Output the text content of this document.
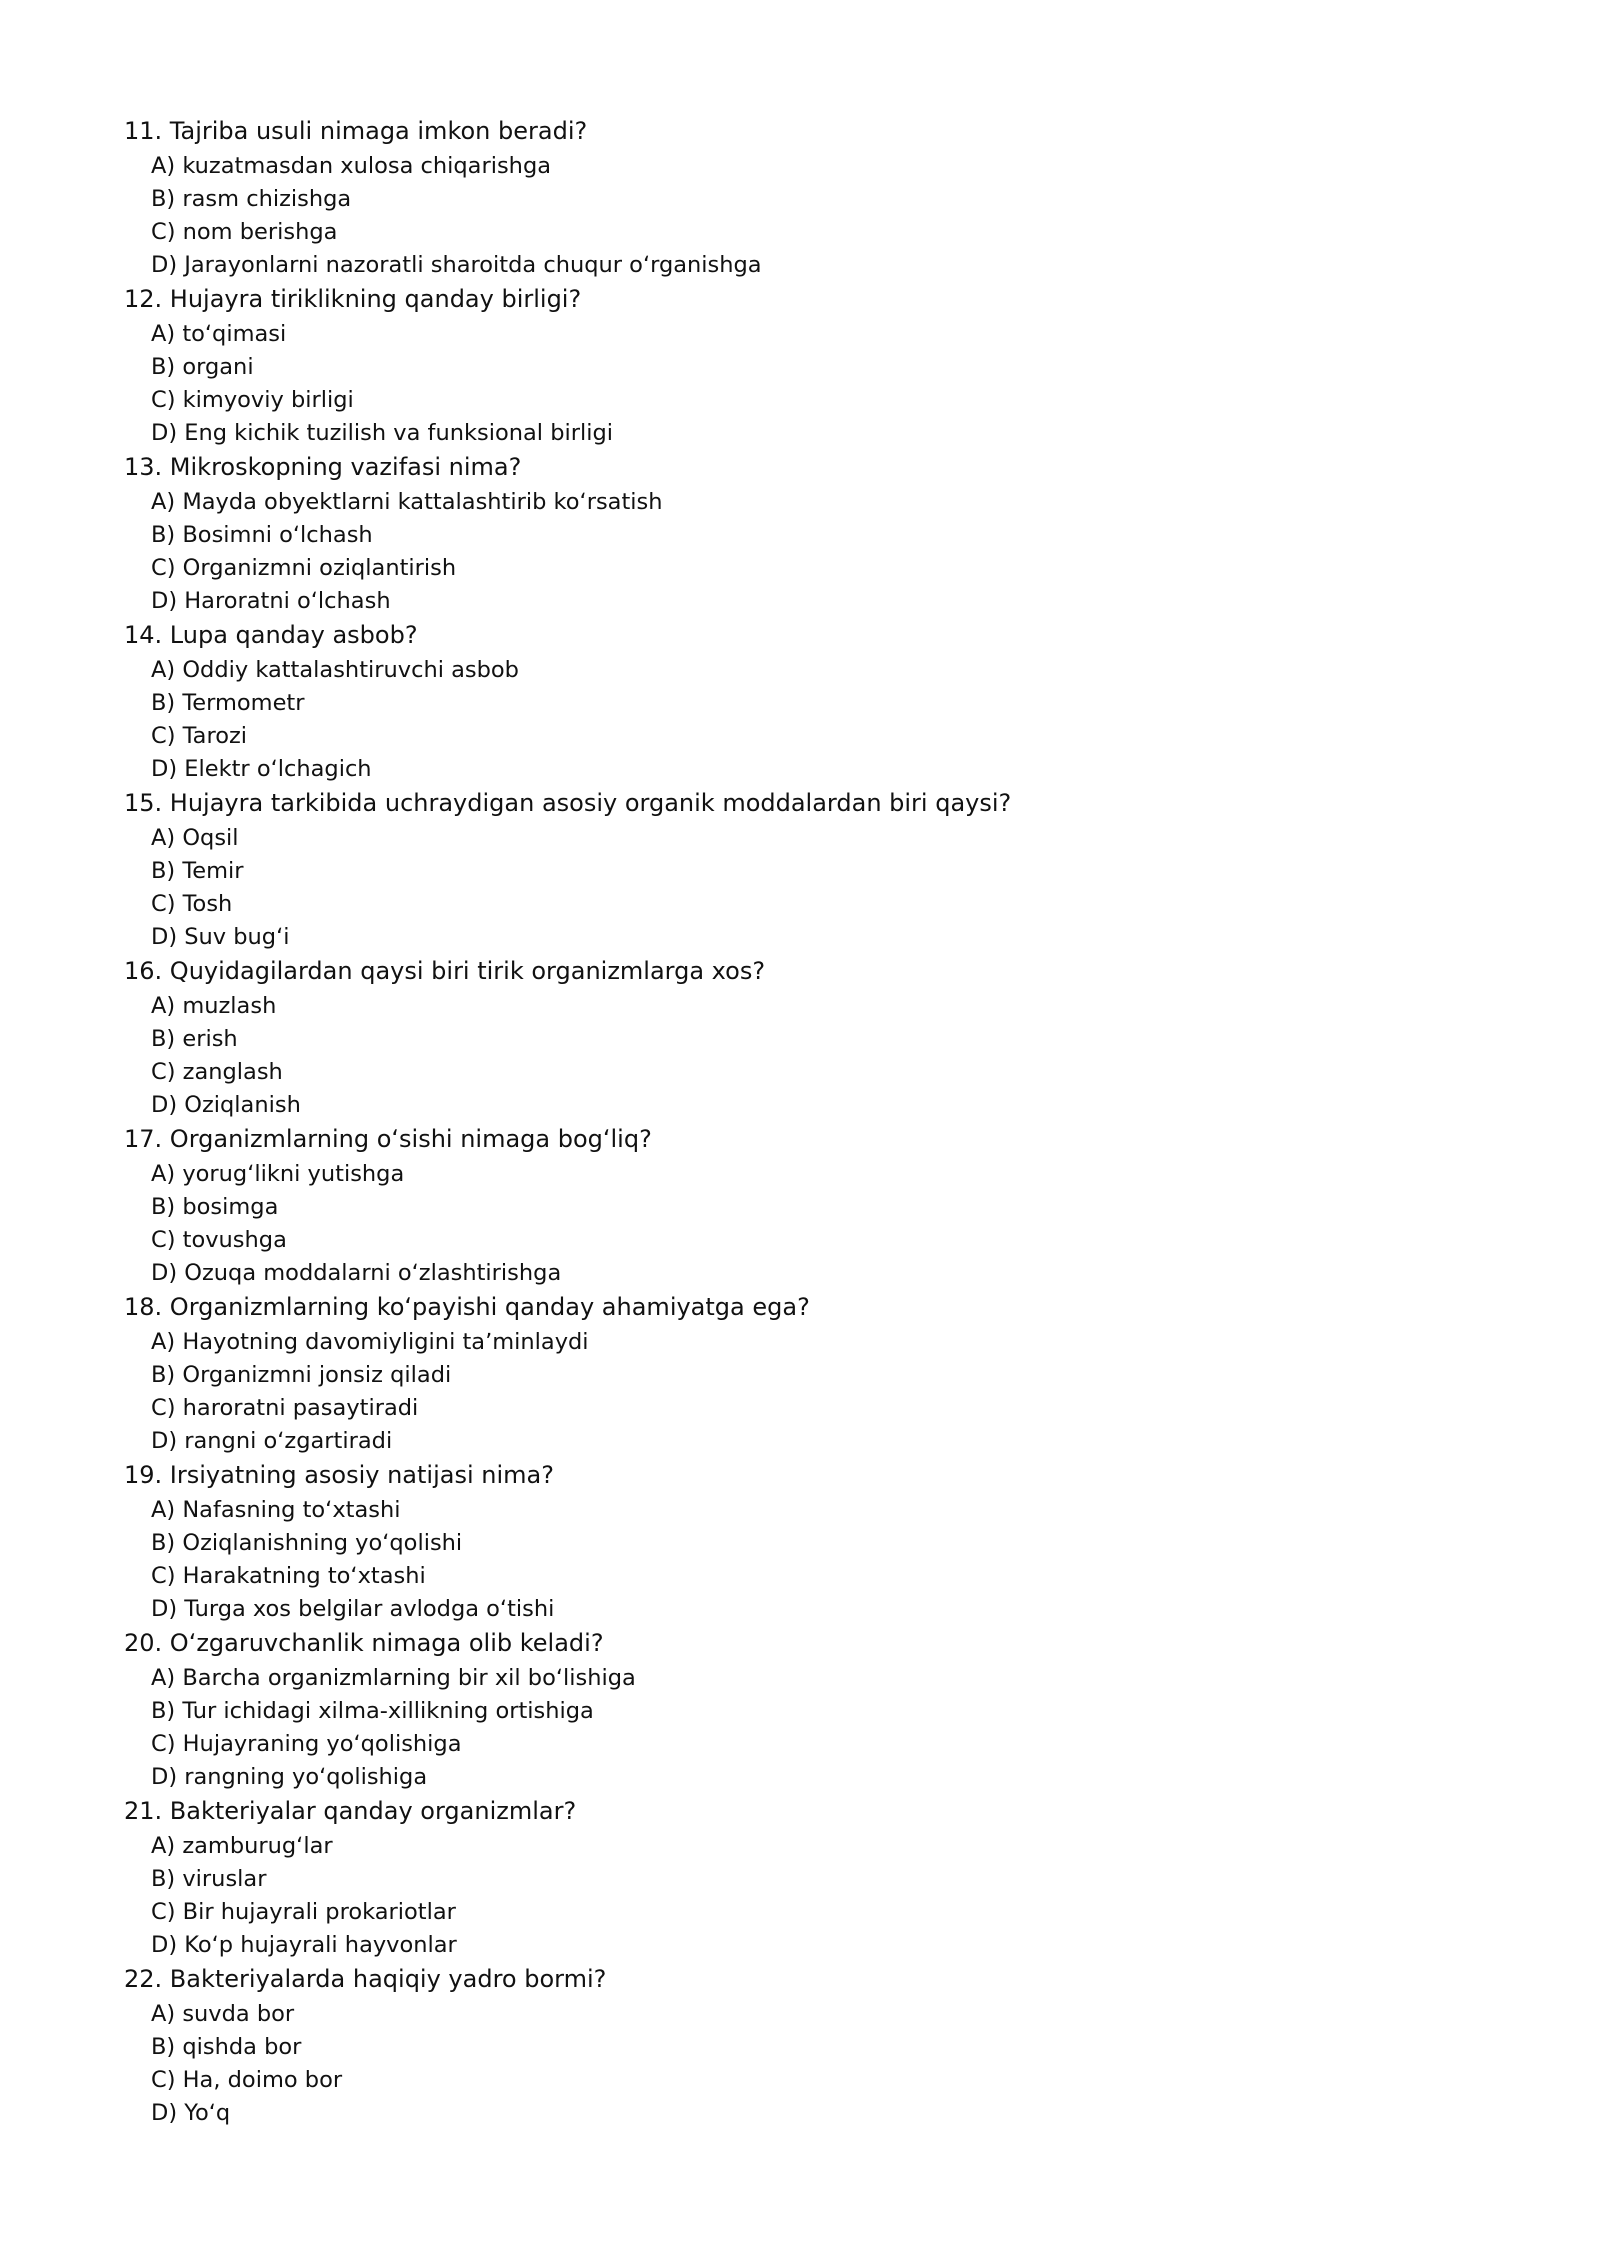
11. Tajriba usuli nimaga imkon beradi?
A) kuzatmasdan xulosa chiqarishga
B) rasm chizishga
C) nom berishga
D) Jarayonlarni nazoratli sharoitda chuqur oʻrganishga
12. Hujayra tiriklikning qanday birligi?
A) toʻqimasi
B) organi
C) kimyoviy birligi
D) Eng kichik tuzilish va funksional birligi
13. Mikroskopning vazifasi nima?
A) Mayda obyektlarni kattalashtirib koʻrsatish
B) Bosimni oʻlchash
C) Organizmni oziqlantirish
D) Haroratni oʻlchash
14. Lupa qanday asbob?
A) Oddiy kattalashtiruvchi asbob
B) Termometr
C) Tarozi
D) Elektr oʻlchagich
15. Hujayra tarkibida uchraydigan asosiy organik moddalardan biri qaysi?
A) Oqsil
B) Temir
C) Tosh
D) Suv bugʻi
16. Quyidagilardan qaysi biri tirik organizmlarga xos?
A) muzlash
B) erish
C) zanglash
D) Oziqlanish
17. Organizmlarning oʻsishi nimaga bogʻliq?
A) yorugʻlikni yutishga
B) bosimga
C) tovushga
D) Ozuqa moddalarni oʻzlashtirishga
18. Organizmlarning koʻpayishi qanday ahamiyatga ega?
A) Hayotning davomiyligini taʼminlaydi
B) Organizmni jonsiz qiladi
C) haroratni pasaytiradi
D) rangni oʻzgartiradi
19. Irsiyatning asosiy natijasi nima?
A) Nafasning toʻxtashi
B) Oziqlanishning yoʻqolishi
C) Harakatning toʻxtashi
D) Turga xos belgilar avlodga oʻtishi
20. Oʻzgaruvchanlik nimaga olib keladi?
A) Barcha organizmlarning bir xil boʻlishiga
B) Tur ichidagi xilma-xillikning ortishiga
C) Hujayraning yoʻqolishiga
D) rangning yoʻqolishiga
21. Bakteriyalar qanday organizmlar?
A) zamburugʻlar
B) viruslar
C) Bir hujayrali prokariotlar
D) Koʻp hujayrali hayvonlar
22. Bakteriyalarda haqiqiy yadro bormi?
A) suvda bor
B) qishda bor
C) Ha, doimo bor
D) Yoʻq
